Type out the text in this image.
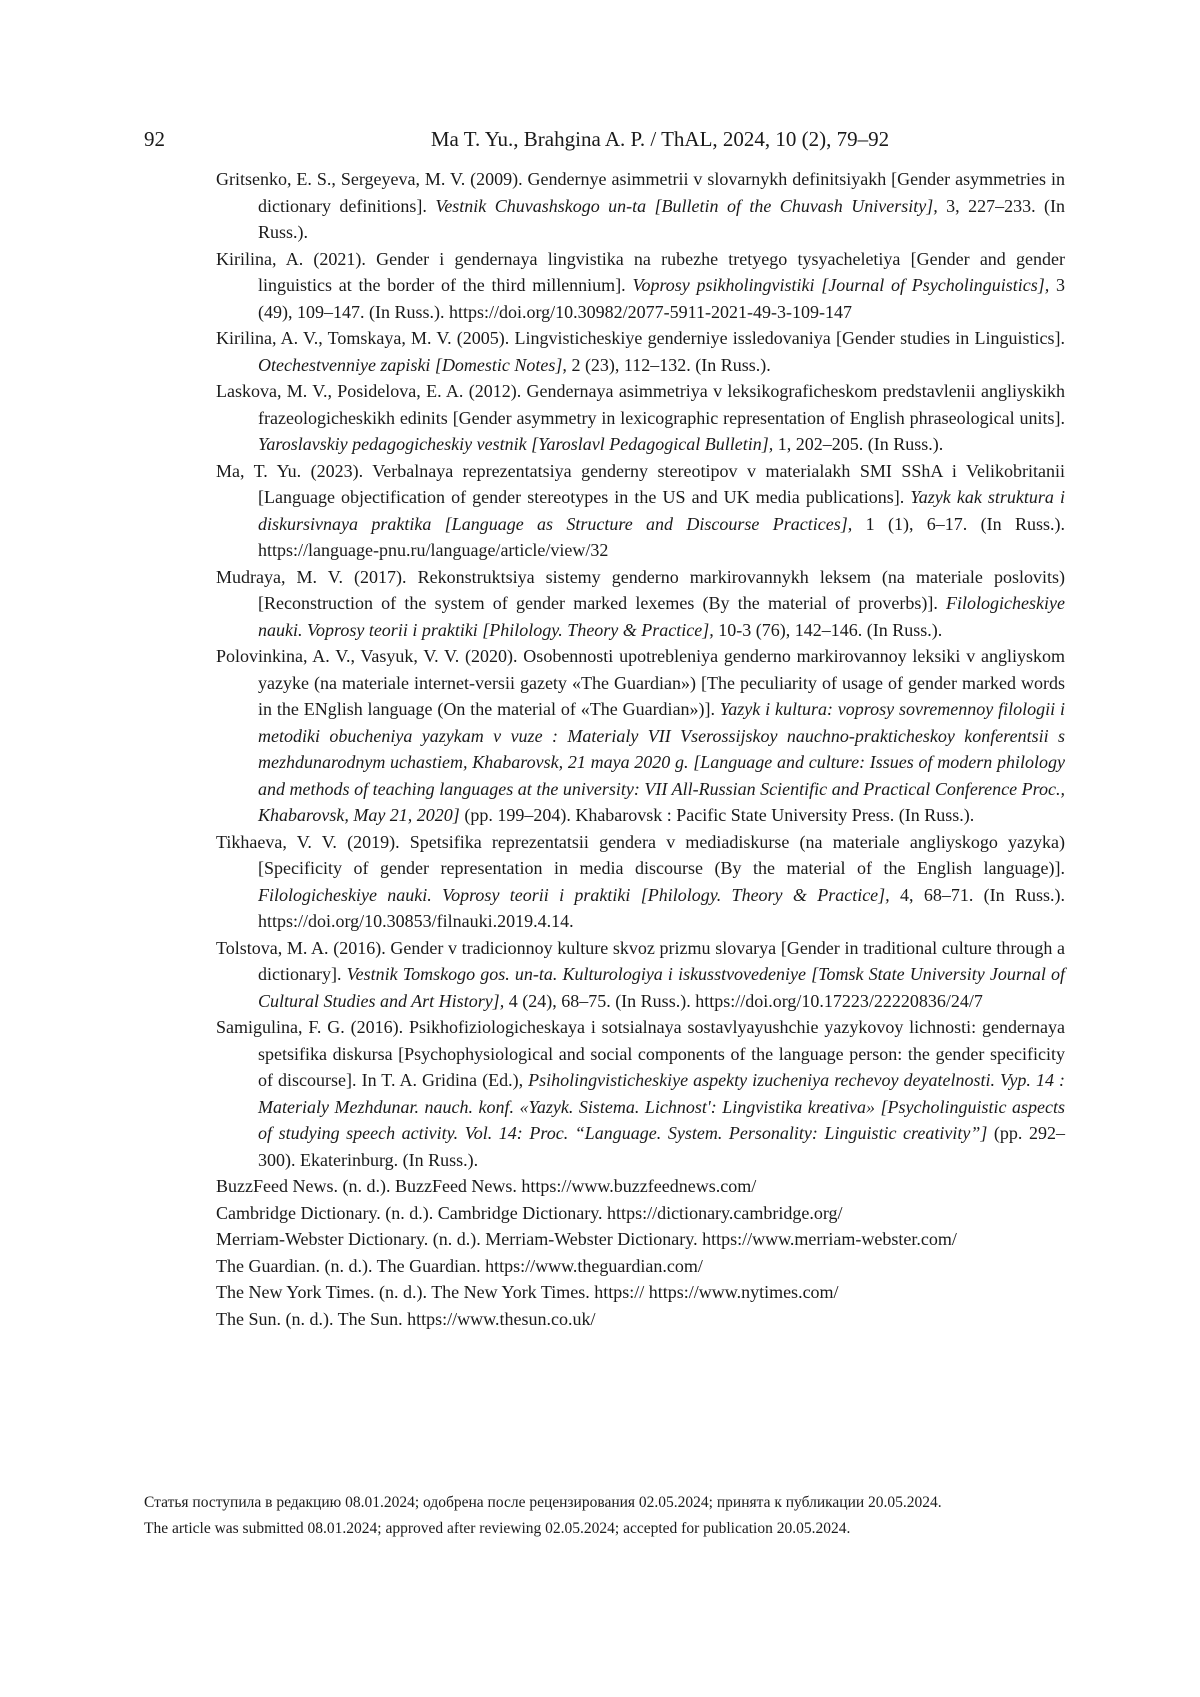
92	Ma T. Yu., Brahgina A. P. / ThAL, 2024, 10 (2), 79–92

Gritsenko, E. S., Sergeyeva, M. V. (2009). Gendernye asimmetrii v slovarnykh definitsiyakh [Gender asymmetries in dictionary definitions]. Vestnik Chuvashskogo un-ta [Bulletin of the Chuvash University], 3, 227–233. (In Russ.).

Kirilina, A. (2021). Gender i gendernaya lingvistika na rubezhe tretyego tysyacheletiya [Gender and gender linguistics at the border of the third millennium]. Voprosy psikholingvistiki [Journal of Psycholinguistics], 3 (49), 109–147. (In Russ.). https://doi.org/10.30982/2077-5911-2021-49-3-109-147

Kirilina, A. V., Tomskaya, M. V. (2005). Lingvisticheskiye genderniye issledovaniya [Gender studies in Linguistics]. Otechestvenniye zapiski [Domestic Notes], 2 (23), 112–132. (In Russ.).

Laskova, M. V., Posidelova, E. A. (2012). Gendernaya asimmetriya v leksikograficheskom predstavlenii angliyskikh frazeologicheskikh edinits [Gender asymmetry in lexicographic representation of English phraseological units]. Yaroslavskiy pedagogicheskiy vestnik [Yaroslavl Pedagogical Bulletin], 1, 202–205. (In Russ.).

Ma, T. Yu. (2023). Verbalnaya reprezentatsiya genderny stereotipov v materialakh SMI SShA i Velikobritanii [Language objectification of gender stereotypes in the US and UK media publications]. Yazyk kak struktura i diskursivnaya praktika [Language as Structure and Discourse Practices], 1 (1), 6–17. (In Russ.). https://language-pnu.ru/language/article/view/32

Mudraya, M. V. (2017). Rekonstruktsiya sistemy genderno markirovannykh leksem (na materiale poslovits) [Reconstruction of the system of gender marked lexemes (By the material of proverbs)]. Filologicheskiye nauki. Voprosy teorii i praktiki [Philology. Theory & Practice], 10-3 (76), 142–146. (In Russ.).

Polovinkina, A. V., Vasyuk, V. V. (2020). Osobennosti upotrebleniya genderno markirovannoy leksiki v angliyskom yazyke (na materiale internet-versii gazety «The Guardian») [The peculiarity of usage of gender marked words in the ENglish language (On the material of «The Guardian»)]. Yazyk i kultura: voprosy sovremennoy filologii i metodiki obucheniya yazykam v vuze : Materialy VII Vserossijskoy nauchno-prakticheskoy konferentsii s mezhdunarodnym uchastiem, Khabarovsk, 21 maya 2020 g. [Language and culture: Issues of modern philology and methods of teaching languages at the university: VII All-Russian Scientific and Practical Conference Proc., Khabarovsk, May 21, 2020] (pp. 199–204). Khabarovsk : Pacific State University Press. (In Russ.).

Tikhaeva, V. V. (2019). Spetsifika reprezentatsii gendera v mediadiskurse (na materiale angliyskogo yazyka) [Specificity of gender representation in media discourse (By the material of the English language)]. Filologicheskiye nauki. Voprosy teorii i praktiki [Philology. Theory & Practice], 4, 68–71. (In Russ.). https://doi.org/10.30853/filnauki.2019.4.14.

Tolstova, M. A. (2016). Gender v tradicionnoy kulture skvoz prizmu slovarya [Gender in traditional culture through a dictionary]. Vestnik Tomskogo gos. un-ta. Kulturologiya i iskusstvovedeniye [Tomsk State University Journal of Cultural Studies and Art History], 4 (24), 68–75. (In Russ.). https://doi.org/10.17223/22220836/24/7

Samigulina, F. G. (2016). Psikhofiziologicheskaya i sotsialnaya sostavlyayushchie yazykovoy lichnosti: gendernaya spetsifika diskursa [Psychophysiological and social components of the language person: the gender specificity of discourse]. In T. A. Gridina (Ed.), Psiholingvisticheskiye aspekty izucheniya rechevoy deyatelnosti. Vyp. 14 : Materialy Mezhdunar. nauch. konf. «Yazyk. Sistema. Lichnost': Lingvistika kreativa» [Psycholinguistic aspects of studying speech activity. Vol. 14: Proc. “Language. System. Personality: Linguistic creativity”] (pp. 292–300). Ekaterinburg. (In Russ.).

BuzzFeed News. (n. d.). BuzzFeed News. https://www.buzzfeednews.com/

Cambridge Dictionary. (n. d.). Cambridge Dictionary. https://dictionary.cambridge.org/

Merriam-Webster Dictionary. (n. d.). Merriam-Webster Dictionary. https://www.merriam-webster.com/

The Guardian. (n. d.). The Guardian. https://www.theguardian.com/

The New York Times. (n. d.). The New York Times. https:// https://www.nytimes.com/

The Sun. (n. d.). The Sun. https://www.thesun.co.uk/

Статья поступила в редакцию 08.01.2024; одобрена после рецензирования 02.05.2024; принята к публикации 20.05.2024.

The article was submitted 08.01.2024; approved after reviewing 02.05.2024; accepted for publication 20.05.2024.
